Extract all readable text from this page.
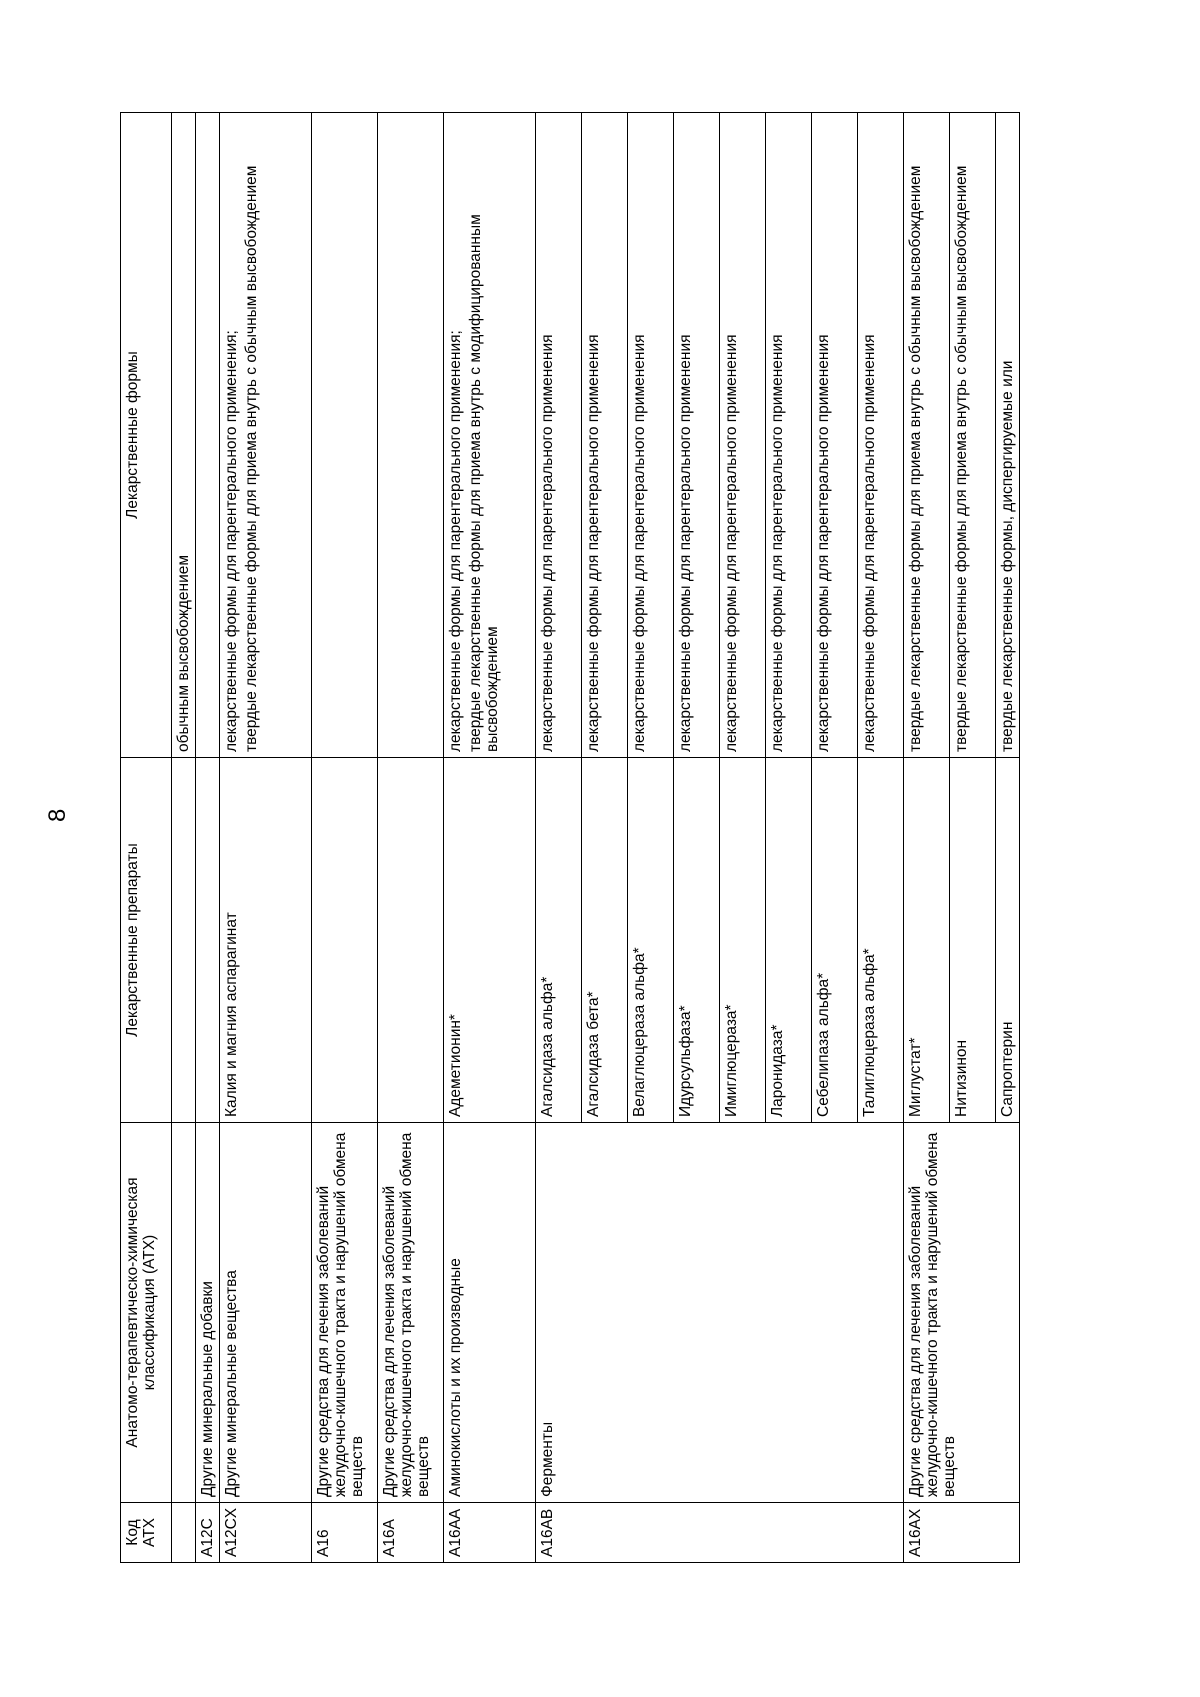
8
Код АТХ	Анатомо-терапевтическо-химическая классификация (АТХ)	Лекарственные препараты	Лекарственные формы

			обычным высвобождением

A12C	Другие минеральные добавки		
A12CX	Другие минеральные вещества	Калия и магния аспарагинат	лекарственные формы для парентерального применения; твердые лекарственные формы для приема внутрь с обычным высвобождением

A16	Другие средства для лечения заболеваний желудочно-кишечного тракта и нарушений обмена веществ		
A16A	Другие средства для лечения заболеваний желудочно-кишечного тракта и нарушений обмена веществ		
A16AA	Аминокислоты и их производные	Адеметионин*	лекарственные формы для парентерального применения; твердые лекарственные формы для приема внутрь с модифицированным высвобождением

A16AB	Ферменты	Агалсидаза альфа*	лекарственные формы для парентерального применения

		Агалсидаза бета*	лекарственные формы для парентерального применения

		Велаглюцераза альфа*	лекарственные формы для парентерального применения

		Идурсульфаза*	лекарственные формы для парентерального применения

		Имиглюцераза*	лекарственные формы для парентерального применения

		Ларонидаза*	лекарственные формы для парентерального применения

		Себелипаза альфа*	лекарственные формы для парентерального применения

		Талиглюцераза альфа*	лекарственные формы для парентерального применения

A16AX	Другие средства для лечения заболеваний желудочно-кишечного тракта и нарушений обмена веществ	Миглустат*	твердые лекарственные формы для приема внутрь с обычным высвобождением

		Нитизинон	твердые лекарственные формы для приема внутрь с обычным высвобождением

		Сапроптерин	твердые лекарственные формы, диспергируемые или
